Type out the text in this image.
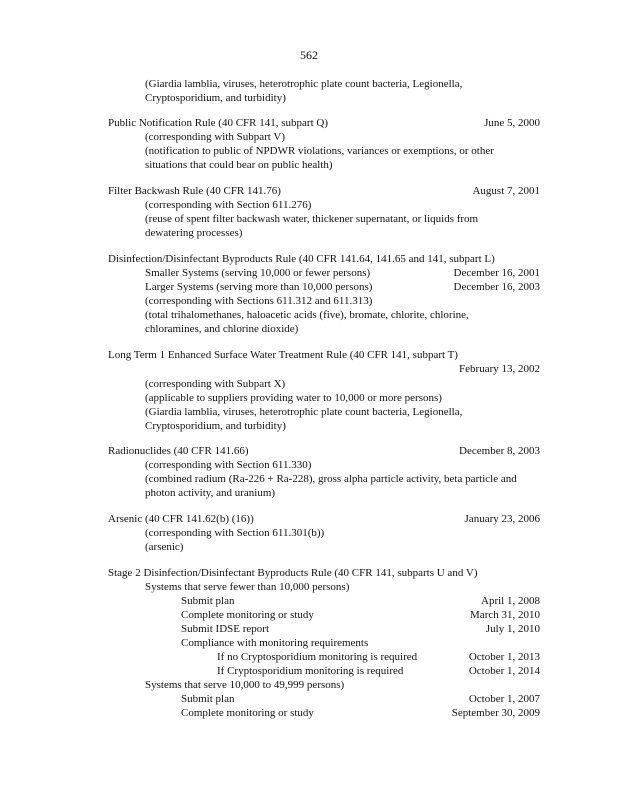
562
(Giardia lamblia, viruses, heterotrophic plate count bacteria, Legionella,
Cryptosporidium, and turbidity)
Public Notification Rule (40 CFR 141, subpart Q)	June 5, 2000
(corresponding with Subpart V)
(notification to public of NPDWR violations, variances or exemptions, or other
situations that could bear on public health)
Filter Backwash Rule (40 CFR 141.76)	August 7, 2001
(corresponding with Section 611.276)
(reuse of spent filter backwash water, thickener supernatant, or liquids from
dewatering processes)
Disinfection/Disinfectant Byproducts Rule (40 CFR 141.64, 141.65 and 141, subpart L)
Smaller Systems (serving 10,000 or fewer persons)	December 16, 2001
Larger Systems (serving more than 10,000 persons)	December 16, 2003
(corresponding with Sections 611.312 and 611.313)
(total trihalomethanes, haloacetic acids (five), bromate, chlorite, chlorine,
chloramines, and chlorine dioxide)
Long Term 1 Enhanced Surface Water Treatment Rule (40 CFR 141, subpart T)
February 13, 2002
(corresponding with Subpart X)
(applicable to suppliers providing water to 10,000 or more persons)
(Giardia lamblia, viruses, heterotrophic plate count bacteria, Legionella,
Cryptosporidium, and turbidity)
Radionuclides (40 CFR 141.66)	December 8, 2003
(corresponding with Section 611.330)
(combined radium (Ra-226 + Ra-228), gross alpha particle activity, beta particle and
photon activity, and uranium)
Arsenic (40 CFR 141.62(b) (16))	January 23, 2006
(corresponding with Section 611.301(b))
(arsenic)
Stage 2 Disinfection/Disinfectant Byproducts Rule (40 CFR 141, subparts U and V)
Systems that serve fewer than 10,000 persons)
Submit plan	April 1, 2008
Complete monitoring or study	March 31, 2010
Submit IDSE report	July 1, 2010
Compliance with monitoring requirements
If no Cryptosporidium monitoring is required	October 1, 2013
If Cryptosporidium monitoring is required	October 1, 2014
Systems that serve 10,000 to 49,999 persons)
Submit plan	October 1, 2007
Complete monitoring or study	September 30, 2009
